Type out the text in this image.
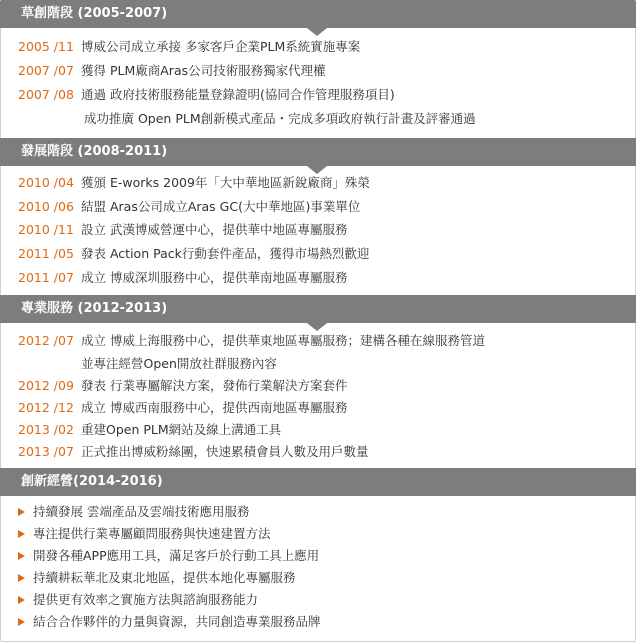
草創階段 (2005-2007)
2005 /11 博威公司成立承接 多家客戶企業PLM系統實施專案
2007 /07 獲得 PLM廠商Aras公司技術服務獨家代理權
2007 /08 通過 政府技術服務能量登錄證明(協同合作管理服務項目)
成功推廣 Open PLM創新模式產品・完成多項政府執行計畫及評審通過
發展階段 (2008-2011)
2010 /04 獲頒 E-works 2009年「大中華地區新銳廠商」殊榮
2010 /06 結盟 Aras公司成立Aras GC(大中華地區)事業單位
2010 /11 設立 武漢博威營運中心，提供華中地區專屬服務
2011 /05 發表 Action Pack行動套件產品，獲得市場熱烈歡迎
2011 /07 成立 博威深圳服務中心，提供華南地區專屬服務
專業服務 (2012-2013)
2012 /07 成立 博威上海服務中心，提供華東地區專屬服務；建構各種在線服務管道
並專注經營Open開放社群服務內容
2012 /09 發表 行業專屬解決方案，發佈行業解決方案套件
2012 /12 成立 博威西南服務中心，提供西南地區專屬服務
2013 /02 重建Open PLM網站及線上溝通工具
2013 /07 正式推出博威粉絲團，快速累積會員人數及用戶數量
創新經營(2014-2016)
持續發展 雲端產品及雲端技術應用服務
專注提供行業專屬顧問服務與快速建置方法
開發各種APP應用工具，滿足客戶於行動工具上應用
持續耕耘華北及東北地區，提供本地化專屬服務
提供更有效率之實施方法與諮詢服務能力
結合合作夥伴的力量與資源，共同創造專業服務品牌
